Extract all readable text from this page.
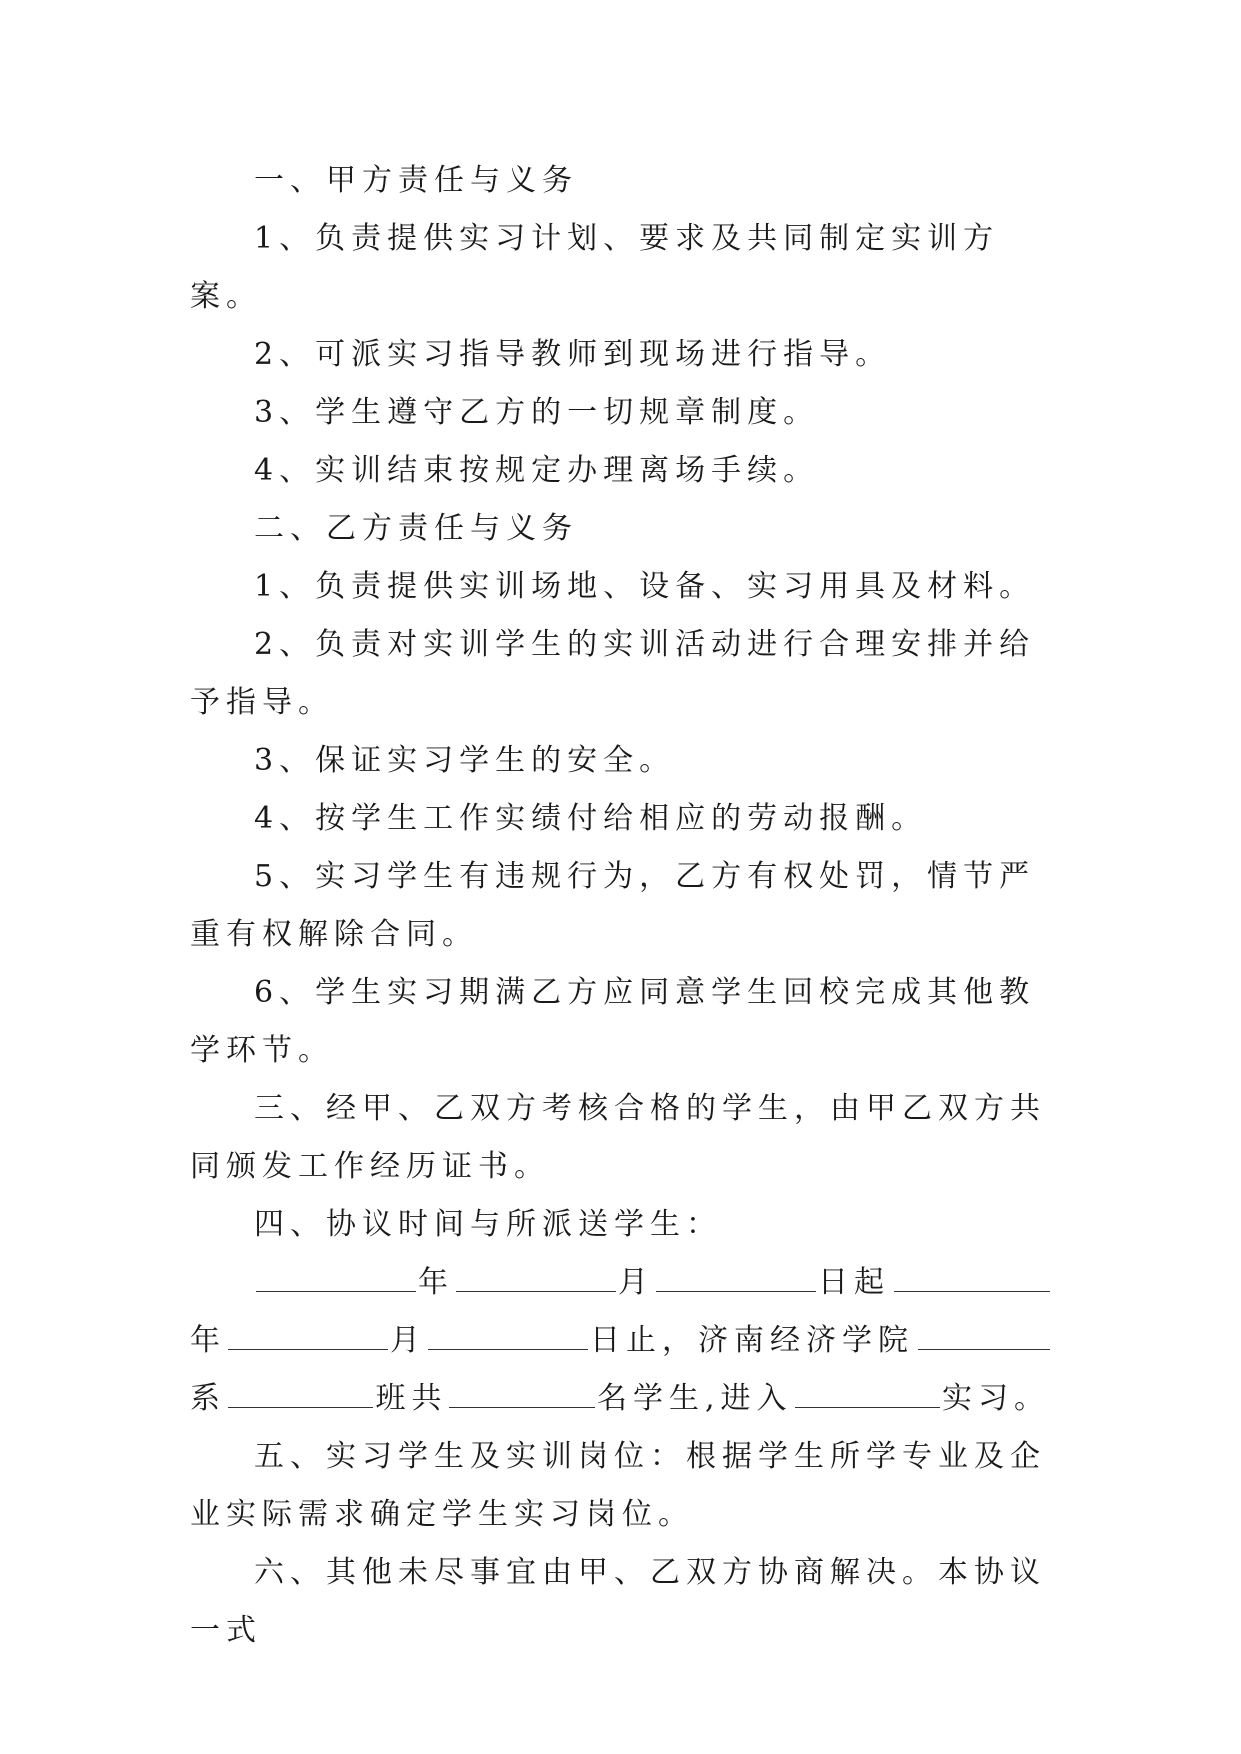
一、甲方责任与义务

1、负责提供实习计划、要求及共同制定实训方案。

2、可派实习指导教师到现场进行指导。

3、学生遵守乙方的一切规章制度。

4、实训结束按规定办理离场手续。

二、乙方责任与义务

1、负责提供实训场地、设备、实习用具及材料。

2、负责对实训学生的实训活动进行合理安排并给予指导。

3、保证实习学生的安全。

4、按学生工作实绩付给相应的劳动报酬。

5、实习学生有违规行为，乙方有权处罚，情节严重有权解除合同。

6、学生实习期满乙方应同意学生回校完成其他教学环节。

三、经甲、乙双方考核合格的学生，由甲乙双方共同颁发工作经历证书。

四、协议时间与所派送学生：

年	月	日起
年	月	日止，济南经济学院
系	班共	名学生,进入	实习。

五、实习学生及实训岗位：根据学生所学专业及企业实际需求确定学生实习岗位。

六、其他未尽事宜由甲、乙双方协商解决。本协议一式
